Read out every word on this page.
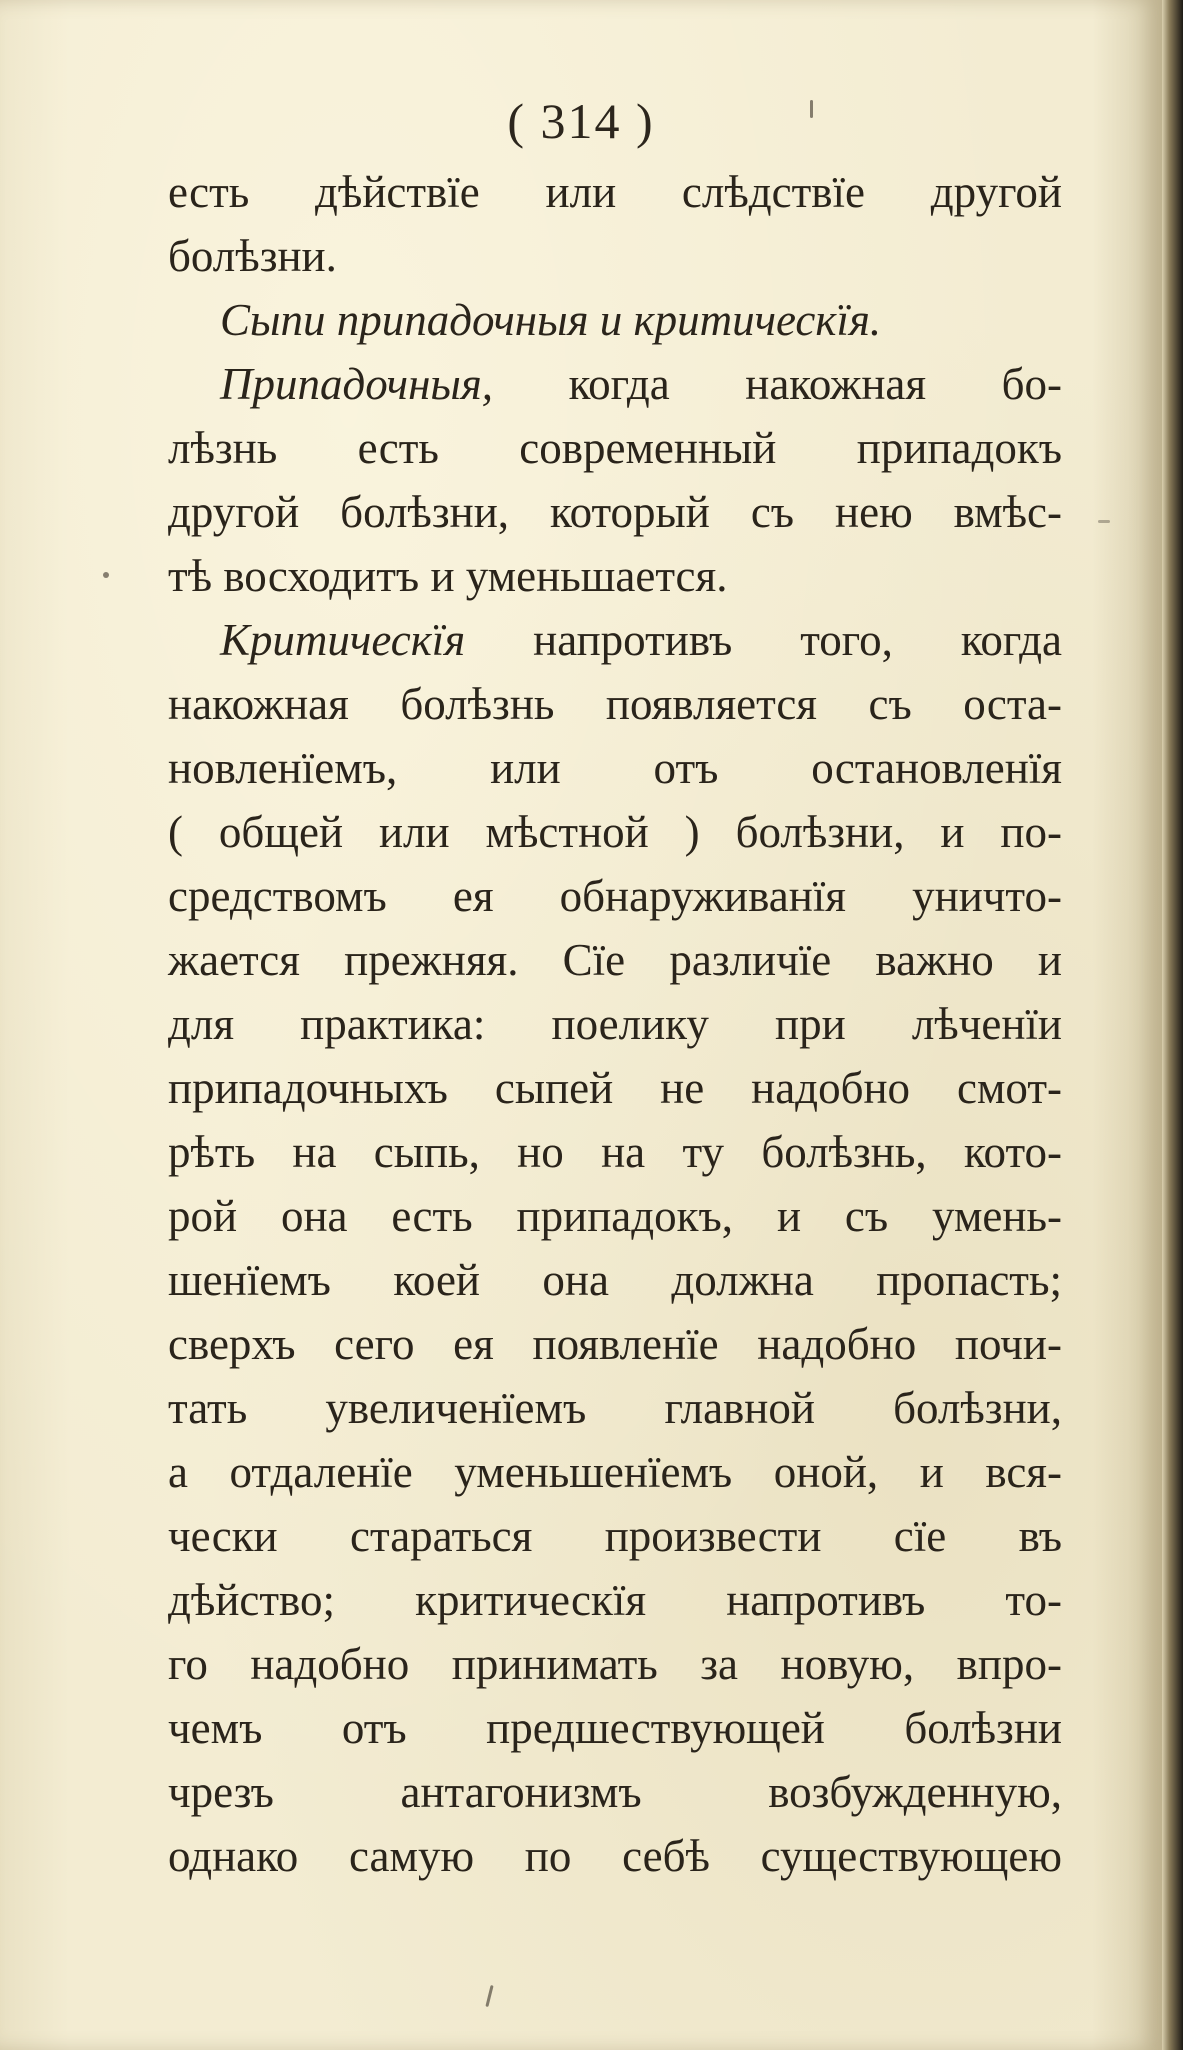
( 314 )
есть дѣйствїе или слѣдствїе другой
болѣзни.
Сыпи припадочныя и критическїя.
Припадочныя, когда накожная бо-
лѣзнь есть современный припадокъ
другой болѣзни, который съ нею вмѣс-
тѣ восходитъ и уменьшается.
Критическїя напротивъ того, когда
накожная болѣзнь появляется съ оста-
новленїемъ, или отъ остановленїя
( общей или мѣстной ) болѣзни, и по-
средствомъ ея обнаруживанїя уничто-
жается прежняя. Сїе различїе важно и
для практика: поелику при лѣченїи
припадочныхъ сыпей не надобно смот-
рѣть на сыпь, но на ту болѣзнь, кото-
рой она есть припадокъ, и съ умень-
шенїемъ коей она должна пропасть;
сверхъ сего ея появленїе надобно почи-
тать увеличенїемъ главной болѣзни,
а отдаленїе уменьшенїемъ оной, и вся-
чески стараться произвести сїе въ
дѣйство; критическїя напротивъ то-
го надобно принимать за новую, впро-
чемъ отъ предшествующей болѣзни
чрезъ антагонизмъ возбужденную,
однако самую по себѣ существующею
